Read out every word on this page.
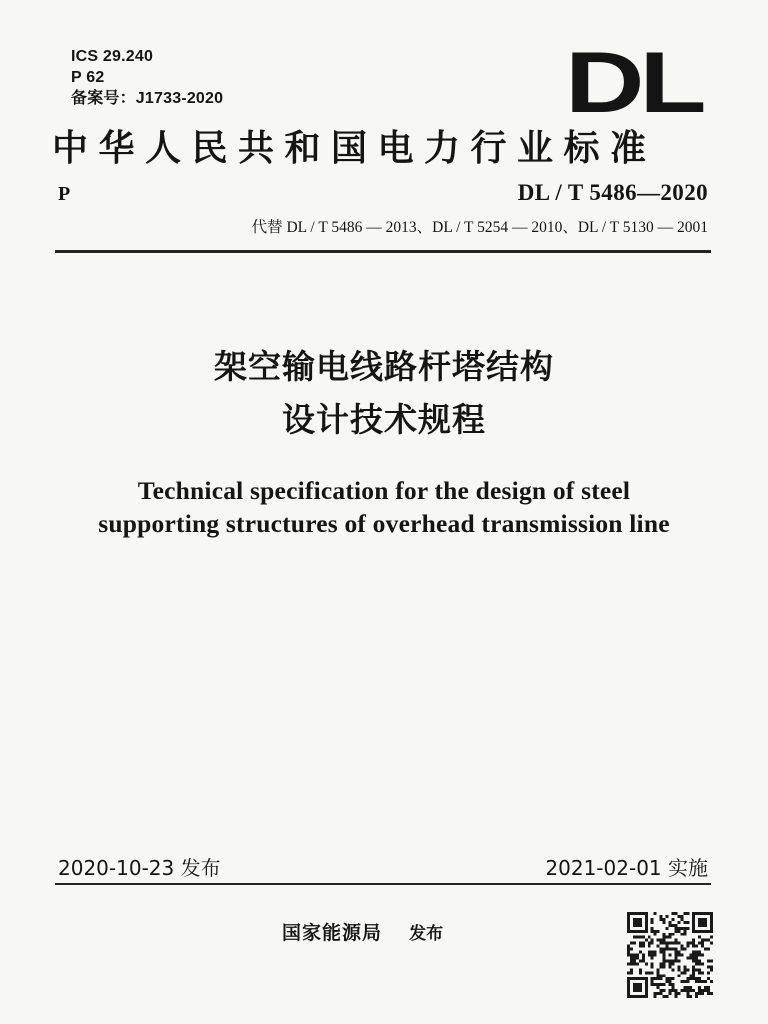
ICS 29.240
P 62
备案号：J1733-2020	DL
中华人民共和国电力行业标准
P	DL / T 5486—2020
代替 DL / T 5486 — 2013、DL / T 5254 — 2010、DL / T 5130 — 2001
架空输电线路杆塔结构
设计技术规程
Technical specification for the design of steel
supporting structures of overhead transmission line
2020-10-23 发布	2021-02-01 实施
国家能源局 发布
